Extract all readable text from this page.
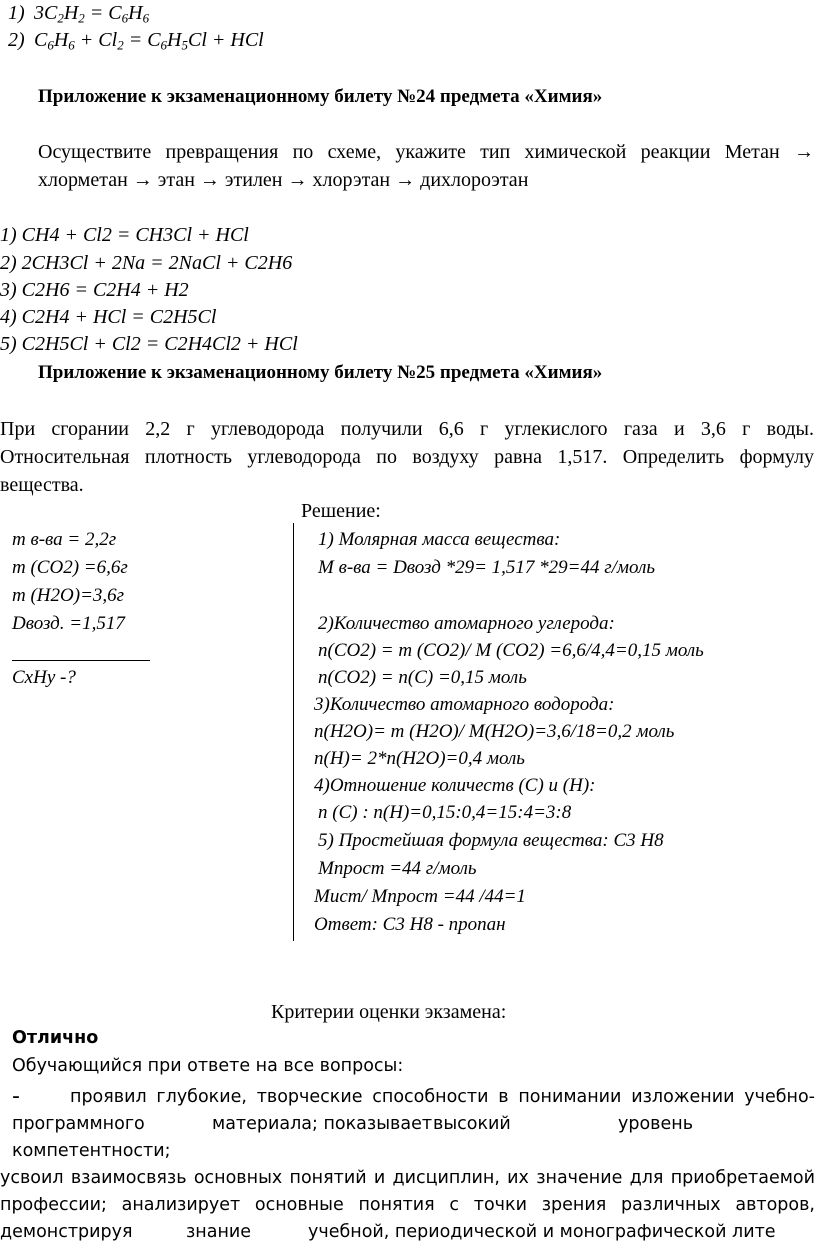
1) $3C_2H_2 = C_6H_6$
2) $C_6H_6 + Cl_2 = C_6H_5Cl$ + HCl
Приложение к экзаменационному билету №24 предмета «Химия»
Осуществите превращения по схеме, укажите тип химической реакции Метан →
хлорметан → этан → этилен → хлорэтан → дихлороэтан
1) CH4 + Cl2 = CH3Cl + HCl
2) 2CH3Cl + 2Na = 2NaCl + C2H6
3) C2H6 = C2H4 + H2
4) C2H4 + HCl = C2H5Cl
5) C2H5Cl + Cl2 = C2H4Cl2 + HCl
Приложение к экзаменационному билету №25 предмета «Химия»
При сгорании 2,2 г углеводорода получили 6,6 г углекислого газа и 3,6 г воды.
Относительная плотность углеводорода по воздуху равна 1,517. Определить формулу
вещества.
Решение:
m в-ва = 2,2г
m (CO2) =6,6г
m (H2O)=3,6г
Dвозд. =1,517
CxHy -?
1) Молярная масса вещества:
M в-ва = Dвозд *29= 1,517 *29=44 г/моль
2)Количество атомарного углерода:
n(CO2) = m (CO2)/ M (CO2) =6,6/4,4=0,15 моль
n(CO2) = n(C) =0,15 моль
3)Количество атомарного водорода:
n(H2O)= m (H2O)/ M(H2O)=3,6/18=0,2 моль
n(H)= 2*n(H2O)=0,4 моль
4)Отношение количеств (C) и (H):
n (C) : n(H)=0,15:0,4=15:4=3:8
5) Простейшая формула вещества: C3 H8
Mпрост =44 г/моль
Mист/ Mпрост =44 /44=1
Ответ: C3 H8 - пропан
Критерии оценки экзамена:
Отлично
Обучающийся при ответе на все вопросы:
-	проявил глубокие, творческие способности в понимании изложении учебно-
программного	материала; показывает высокий	уровень
компетентности;
усвоил взаимосвязь основных понятий и дисциплин, их значение для приобретаемой
профессии; анализирует основные понятия с точки зрения различных авторов,
демонстрируя	знание	учебной, периодической и монографической лите
